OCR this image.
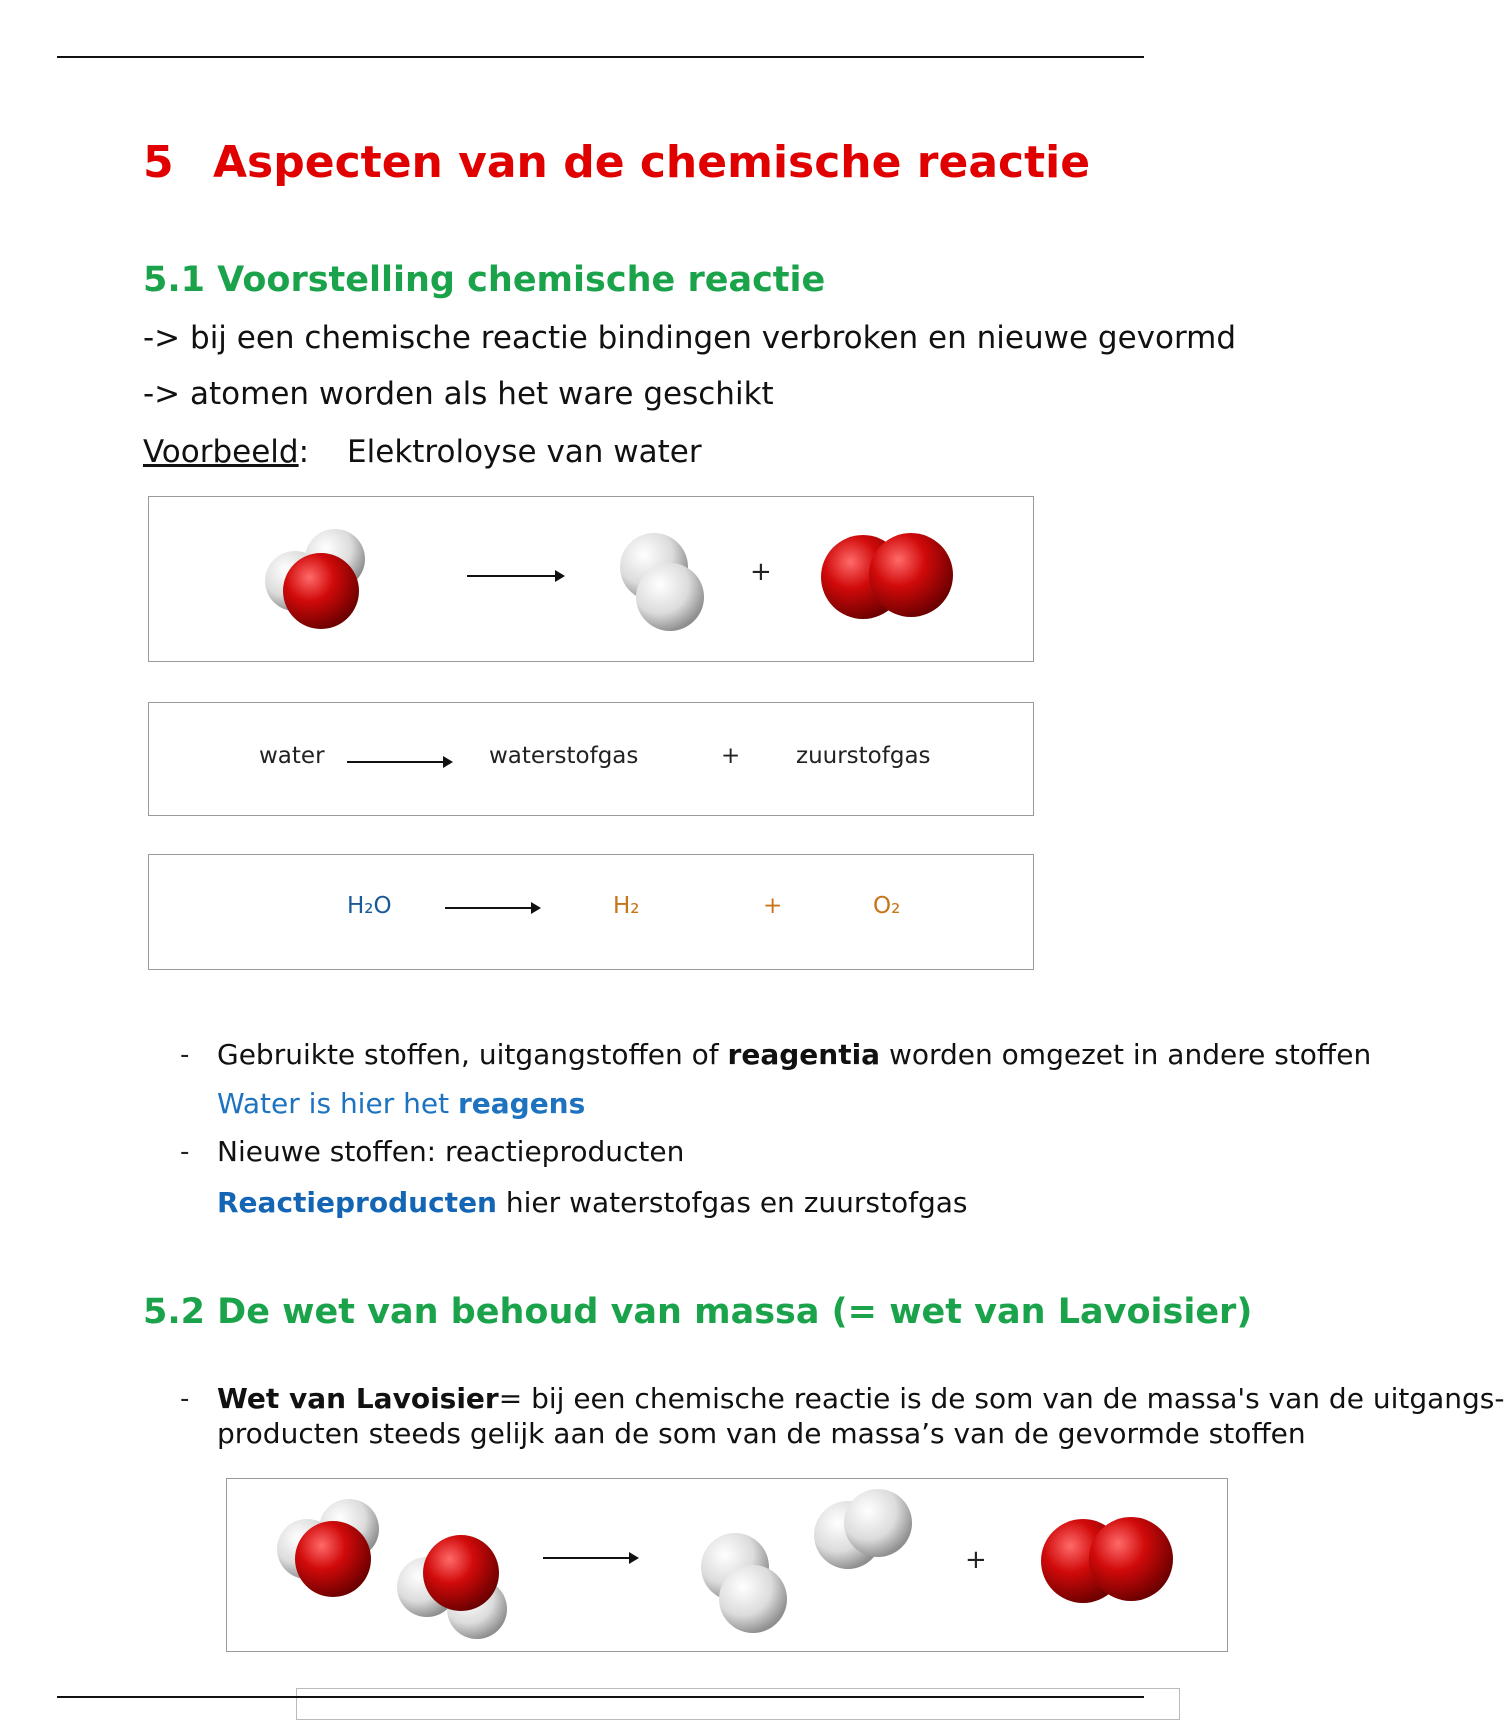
5 Aspecten van de chemische reactie
5.1 Voorstelling chemische reactie
-> bij een chemische reactie bindingen verbroken en nieuwe gevormd
-> atomen worden als het ware geschikt
Voorbeeld: Elektroloyse van water
+
water	waterstofgas	+ zuurstofgas
H₂O	H₂	+	O₂
- Gebruikte stoffen, uitgangstoffen of reagentia worden omgezet in andere stoffen
Water is hier het reagens
- Nieuwe stoffen: reactieproducten
Reactieproducten hier waterstofgas en zuurstofgas
5.2 De wet van behoud van massa (= wet van Lavoisier)
- Wet van Lavoisier= bij een chemische reactie is de som van de massa's van de uitgangs-
producten steeds gelijk aan de som van de massa’s van de gevormde stoffen
+
